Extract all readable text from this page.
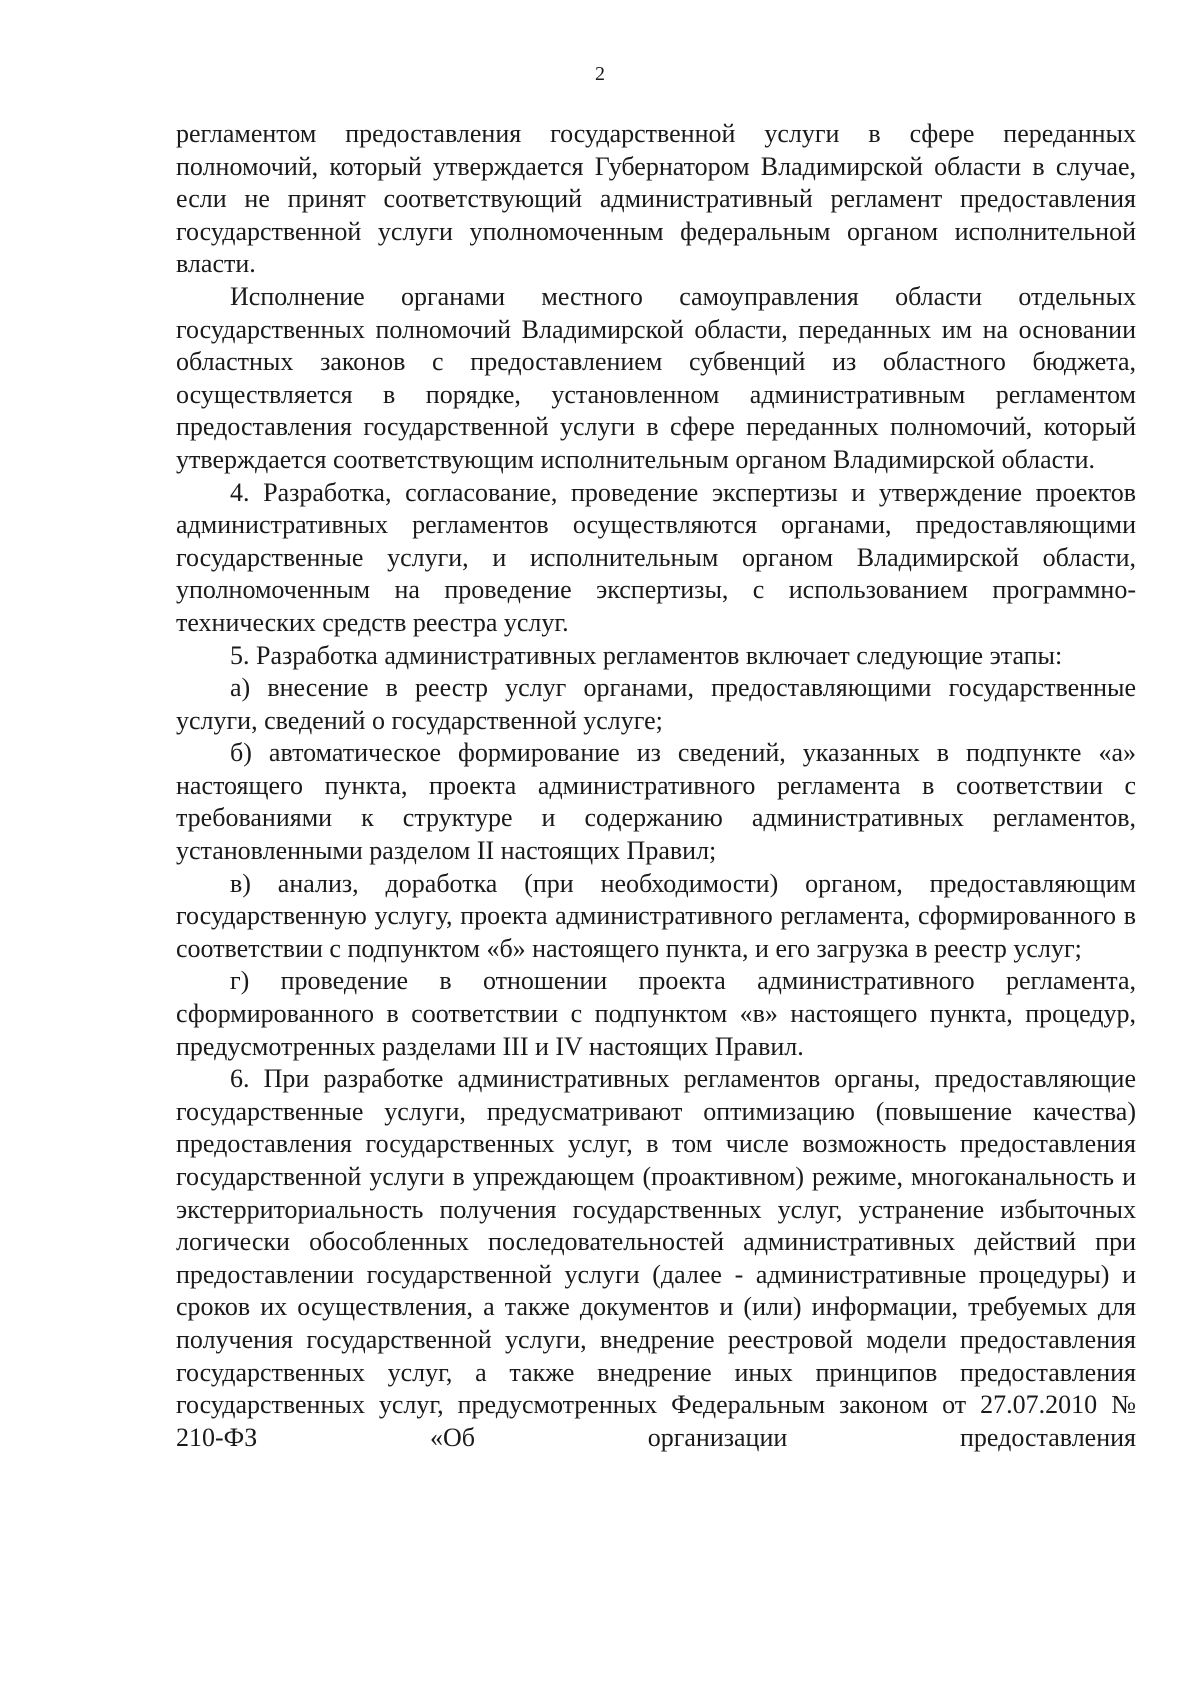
2

регламентом предоставления государственной услуги в сфере переданных полномочий, который утверждается Губернатором Владимирской области в случае, если не принят соответствующий административный регламент предоставления государственной услуги уполномоченным федеральным органом исполнительной власти.

Исполнение органами местного самоуправления области отдельных государственных полномочий Владимирской области, переданных им на основании областных законов с предоставлением субвенций из областного бюджета, осуществляется в порядке, установленном административным регламентом предоставления государственной услуги в сфере переданных полномочий, который утверждается соответствующим исполнительным органом Владимирской области.

4. Разработка, согласование, проведение экспертизы и утверждение проектов административных регламентов осуществляются органами, предоставляющими государственные услуги, и исполнительным органом Владимирской области, уполномоченным на проведение экспертизы, с использованием программно-технических средств реестра услуг.

5. Разработка административных регламентов включает следующие этапы:

а) внесение в реестр услуг органами, предоставляющими государственные услуги, сведений о государственной услуге;

б) автоматическое формирование из сведений, указанных в подпункте «а» настоящего пункта, проекта административного регламента в соответствии с требованиями к структуре и содержанию административных регламентов, установленными разделом II настоящих Правил;

в) анализ, доработка (при необходимости) органом, предоставляющим государственную услугу, проекта административного регламента, сформированного в соответствии с подпунктом «б» настоящего пункта, и его загрузка в реестр услуг;

г) проведение в отношении проекта административного регламента, сформированного в соответствии с подпунктом «в» настоящего пункта, процедур, предусмотренных разделами III и IV настоящих Правил.

6. При разработке административных регламентов органы, предоставляющие государственные услуги, предусматривают оптимизацию (повышение качества) предоставления государственных услуг, в том числе возможность предоставления государственной услуги в упреждающем (проактивном) режиме, многоканальность и экстерриториальность получения государственных услуг, устранение избыточных логически обособленных последовательностей административных действий при предоставлении государственной услуги (далее - административные процедуры) и сроков их осуществления, а также документов и (или) информации, требуемых для получения государственной услуги, внедрение реестровой модели предоставления государственных услуг, а также внедрение иных принципов предоставления государственных услуг, предусмотренных Федеральным законом от 27.07.2010 № 210-ФЗ «Об организации предоставления
